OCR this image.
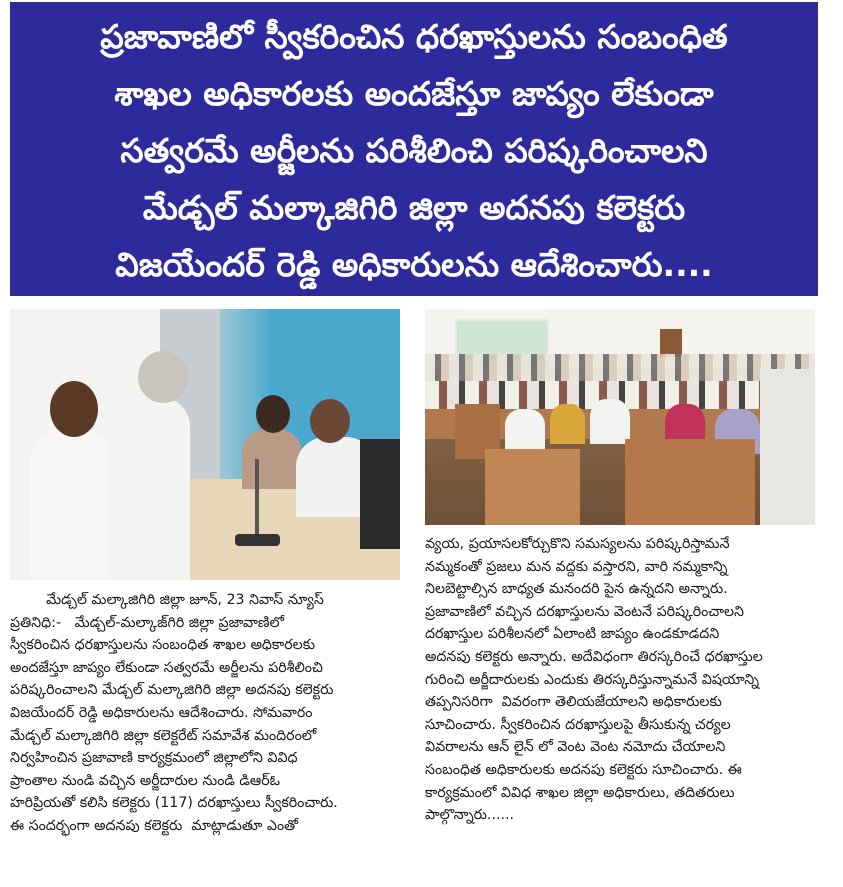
ప్రజావాణిలో స్వీకరించిన ధరఖాస్తులను సంబంధిత
శాఖల అధికారలకు అందజేస్తూ జాప్యం లేకుండా
సత్వరమే అర్జీలను పరిశీలించి పరిష్కరించాలని
మేడ్చల్ మల్కాజిగిరి జిల్లా అదనపు కలెక్టరు
విజయేందర్ రెడ్డి అధికారులను ఆదేశించారు....
మేడ్చల్ మల్కాజిగిరి జిల్లా జూన్, 23 నివాస్ న్యూస్
ప్రతినిధి:-   మేడ్చల్-మల్కాజ్‌గిరి జిల్లా ప్రజావాణిలో
స్వీకరించిన ధరఖాస్తులను సంబంధిత శాఖల అధికారలకు
అందజేస్తూ జాప్యం లేకుండా సత్వరమే అర్జీలను పరిశీలించి
పరిష్కరించాలని మేడ్చల్ మల్కాజిగిరి జిల్లా అదనపు కలెక్టరు
విజయేందర్ రెడ్డి అధికారులను ఆదేశించారు. సోమవారం
మేడ్చల్ మల్కాజిగిరి జిల్లా కలెక్టరేట్ సమావేశ మందిరంలో
నిర్వహించిన ప్రజావాణి కార్యక్రమంలో జిల్లాలోని వివిధ
ప్రాంతాల నుండి వచ్చిన అర్జీదారుల నుండి డిఆర్ఓ
హరిప్రియతో కలిసి కలెక్టరు (117) దరఖాస్తులు స్వీకరించారు.
ఈ సందర్భంగా అదనపు కలెక్టరు  మాట్లాడుతూ ఎంతో
వ్యయ, ప్రయాసలకోర్చుకొని సమస్యలను పరిష్కరిస్తామనే
నమ్మకంతో ప్రజలు మన వద్దకు వస్తారని, వారి నమ్మకాన్ని
నిలబెట్టాల్సిన బాధ్యత మనందరి పైన ఉన్నదని అన్నారు.
ప్రజావాణిలో వచ్చిన దరఖాస్తులను వెంటనే పరిష్కరించాలని
దరఖాస్తుల పరిశీలనలో ఏలాంటి జాప్యం ఉండకూడదని
అదనపు కలెక్టరు అన్నారు. అదేవిధంగా తిరస్కరించే ధరఖాస్తుల
గురించి అర్జీదారులకు ఎందుకు తిరస్కరిస్తున్నామనే విషయాన్ని
తప్పనిసరిగా  వివరంగా తెలియజేయాలని అధికారులకు
సూచించారు. స్వీకరించిన దరఖాస్తులపై తీసుకున్న చర్యల
వివరాలను ఆన్ లైన్ లో వెంట వెంట నమోదు చేయాలని
సంబంధిత అధికారులకు అదనపు కలెక్టరు సూచించారు. ఈ
కార్యక్రమంలో వివిధ శాఖల జిల్లా అధికారులు, తదితరులు
పాల్గొన్నారు......
